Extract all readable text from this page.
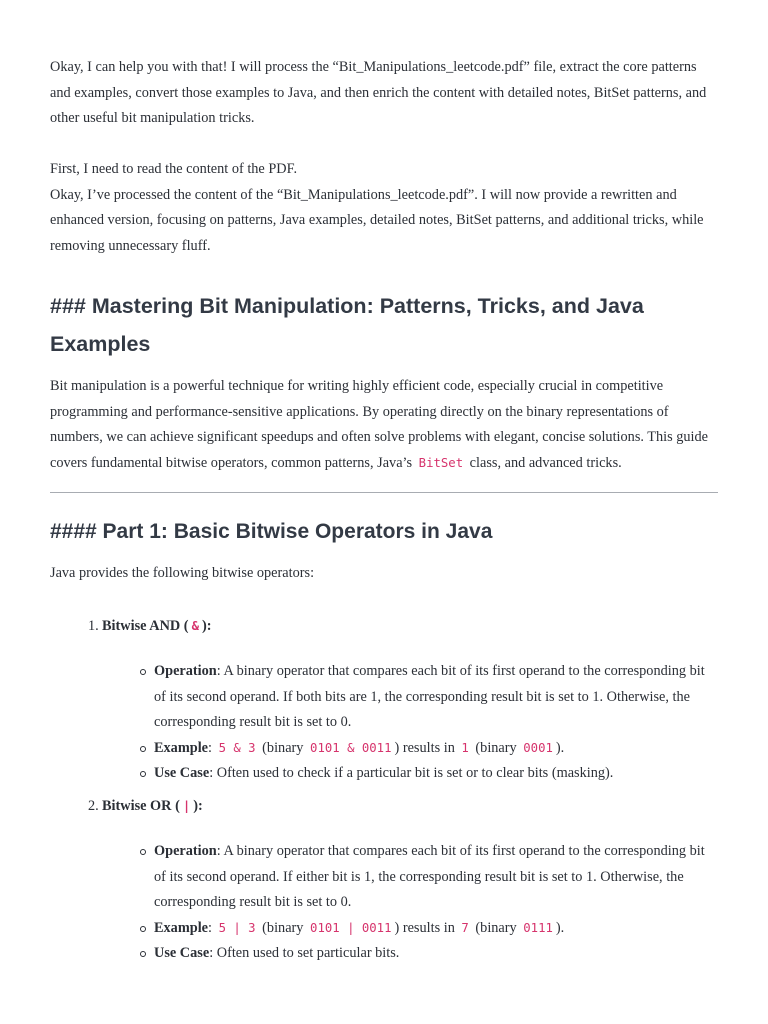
Okay, I can help you with that! I will process the “Bit_Manipulations_leetcode.pdf” file, extract the core patterns and examples, convert those examples to Java, and then enrich the content with detailed notes, BitSet patterns, and other useful bit manipulation tricks.

First, I need to read the content of the PDF.

Okay, I’ve processed the content of the “Bit_Manipulations_leetcode.pdf”. I will now provide a rewritten and enhanced version, focusing on patterns, Java examples, detailed notes, BitSet patterns, and additional tricks, while removing unnecessary fluff.

### Mastering Bit Manipulation: Patterns, Tricks, and Java
Examples

Bit manipulation is a powerful technique for writing highly efficient code, especially crucial in competitive programming and performance-sensitive applications. By operating directly on the binary representations of numbers, we can achieve significant speedups and often solve problems with elegant, concise solutions. This guide covers fundamental bitwise operators, common patterns, Java’s BitSet class, and advanced tricks.

#### Part 1: Basic Bitwise Operators in Java

Java provides the following bitwise operators:

1. Bitwise AND ( & ):
Operation: A binary operator that compares each bit of its first operand to the corresponding bit of its second operand. If both bits are 1, the corresponding result bit is set to 1. Otherwise, the corresponding result bit is set to 0.
Example: 5 & 3 (binary 0101 & 0011 ) results in 1 (binary 0001 ).
Use Case: Often used to check if a particular bit is set or to clear bits (masking).
2. Bitwise OR ( | ):
Operation: A binary operator that compares each bit of its first operand to the corresponding bit of its second operand. If either bit is 1, the corresponding result bit is set to 1. Otherwise, the corresponding result bit is set to 0.
Example: 5 | 3 (binary 0101 | 0011 ) results in 7 (binary 0111 ).
Use Case: Often used to set particular bits.
